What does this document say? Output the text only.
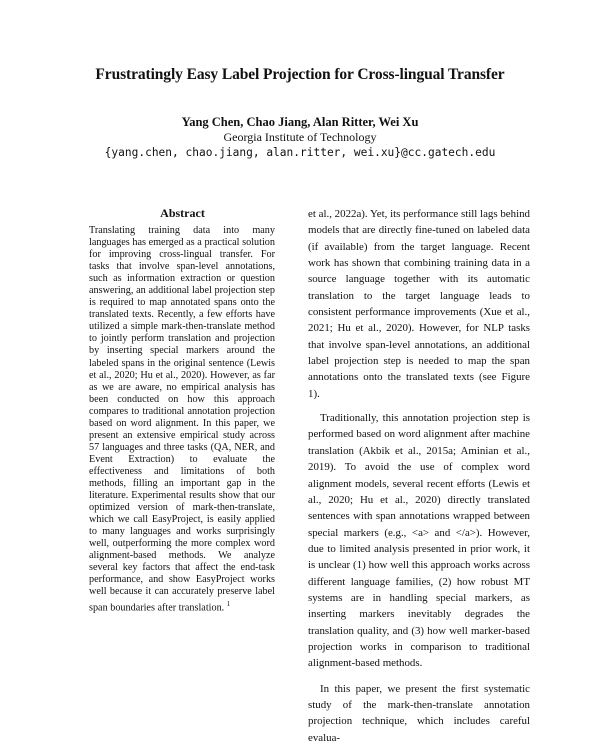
Frustratingly Easy Label Projection for Cross-lingual Transfer
Yang Chen, Chao Jiang, Alan Ritter, Wei Xu
Georgia Institute of Technology
{yang.chen, chao.jiang, alan.ritter, wei.xu}@cc.gatech.edu
Abstract
Translating training data into many languages has emerged as a practical solution for improving cross-lingual transfer. For tasks that involve span-level annotations, such as information extraction or question answering, an additional label projection step is required to map annotated spans onto the translated texts. Recently, a few efforts have utilized a simple mark-then-translate method to jointly perform translation and projection by inserting special markers around the labeled spans in the original sentence (Lewis et al., 2020; Hu et al., 2020). However, as far as we are aware, no empirical analysis has been conducted on how this approach compares to traditional annotation projection based on word alignment. In this paper, we present an extensive empirical study across 57 languages and three tasks (QA, NER, and Event Extraction) to evaluate the effectiveness and limitations of both methods, filling an important gap in the literature. Experimental results show that our optimized version of mark-then-translate, which we call EasyProject, is easily applied to many languages and works surprisingly well, outperforming the more complex word alignment-based methods. We analyze several key factors that affect the end-task performance, and show EasyProject works well because it can accurately preserve label span boundaries after translation. $^1$

et al., 2022a). Yet, its performance still lags behind models that are directly fine-tuned on labeled data (if available) from the target language. Recent work has shown that combining training data in a source language together with its automatic translation to the target language leads to consistent performance improvements (Xue et al., 2021; Hu et al., 2020). However, for NLP tasks that involve span-level annotations, an additional label projection step is needed to map the span annotations onto the translated texts (see Figure 1).

Traditionally, this annotation projection step is performed based on word alignment after machine translation (Akbik et al., 2015a; Aminian et al., 2019). To avoid the use of complex word alignment models, several recent efforts (Lewis et al., 2020; Hu et al., 2020) directly translated sentences with span annotations wrapped between special markers (e.g., <a> and </a>). However, due to limited analysis presented in prior work, it is unclear (1) how well this approach works across different language families, (2) how robust MT systems are in handling special markers, as inserting markers inevitably degrades the translation quality, and (3) how well marker-based projection works in comparison to traditional alignment-based methods.

In this paper, we present the first systematic study of the mark-then-translate annotation projection technique, which includes careful evalua-
